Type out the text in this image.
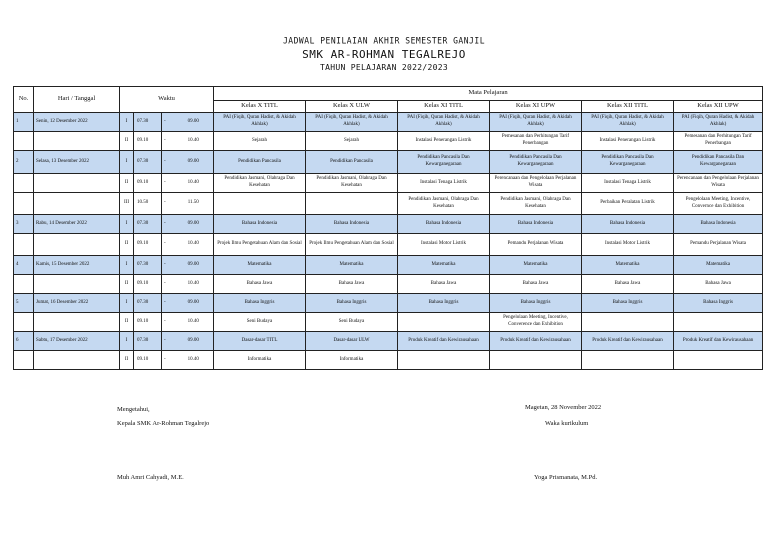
JADWAL PENILAIAN AKHIR SEMESTER GANJIL
SMK AR-ROHMAN TEGALREJO
TAHUN PELAJARAN 2022/2023
No.	Hari / Tanggal	Waktu				Mata Pelajaran					
						Kelas X TITL	Kelas X ULW	Kelas XI TITL	Kelas XI UPW	Kelas XII TITL	Kelas XII UPW
1	Senin, 12 Desember 2022	I	07.30	-	09.00	PAI (Fiqih, Quran Hadist, & Akidah Akhlak)	PAI (Fiqih, Quran Hadist, & Akidah Akhlak)	PAI (Fiqih, Quran Hadist, & Akidah Akhlak)	PAI (Fiqih, Quran Hadist, & Akidah Akhlak)	PAI (Fiqih, Quran Hadist, & Akidah Akhlak)	PAI (Fiqih, Quran Hadist, & Akidah Akhlak)
		II	09.10	-	10.40	Sejarah	Sejarah	Instalasi Penerangan Listrik	Pemesanan dan Perhitungan Tarif Penerbangan	Instalasi Penerangan Listrik	Pemesanan dan Perhitungan Tarif Penerbangan
2	Selasa, 13 Desember 2022	I	07.30	-	09.00	Pendidikan Pancasila	Pendidikan Pancasila	Pendidikan Pancasila Dan Kewarganegaraan	Pendidikan Pancasila Dan Kewarganegaraan	Pendidikan Pancasila Dan Kewarganegaraan	Pendidikan Pancasila Dan Kewarganegaraan
		II	09.10	-	10.40	Pendidikan Jasmani, Olahraga Dan Kesehatan	Pendidikan Jasmani, Olahraga Dan Kesehatan	Instalasi Tenaga Listrik	Perencanaan dan Pengelolaan Perjalanan Wisata	Instalasi Tenaga Listrik	Perencanaan dan Pengelolaan Perjalanan Wisata
		III	10.50	-	11.50			Pendidikan Jasmani, Olahraga Dan Kesehatan	Pendidikan Jasmani, Olahraga Dan Kesehatan	Perbaikan Peralatan Listrik	Pengelolaan Meeting, Incentive, Convernce dan Exhibition
3	Rabu, 14 Desember 2022	I	07.30	-	09.00	Bahasa Indonesia	Bahasa Indonesia	Bahasa Indonesia	Bahasa Indonesia	Bahasa Indonesia	Bahasa Indonesia
		II	09.10	-	10.40	Projek Ilmu Pengetahuan Alam dan Sosial	Projek Ilmu Pengetahuan Alam dan Sosial	Instalasi Motor Listrik	Pemandu Perjalanan Wisata	Instalasi Motor Listrik	Pemandu Perjalanan Wisata
4	Kamis, 15 Desember 2022	I	07.30	-	09.00	Matematika	Matematika	Matematika	Matematika	Matematika	Matematika
		II	09.10	-	10.40	Bahasa Jawa	Bahasa Jawa	Bahasa Jawa	Bahasa Jawa	Bahasa Jawa	Bahasa Jawa
5	Jumat, 16 Desember 2022	I	07.30	-	09.00	Bahasa Inggris	Bahasa Inggris	Bahasa Inggris	Bahasa Inggris	Bahasa Inggris	Bahasa Inggris
		II	09.10	-	10.40	Seni Budaya	Seni Budaya		Pengelolaan Meeting, Incentive, Converence dan Exhibition		
6	Sabtu, 17 Desember 2022	I	07.30	-	09.00	Dasar-dasar TITL	Dasar-dasar ULW	Produk Kreatif dan Kewirausahaan	Produk Kreatif dan Kewirausahaan	Produk Kreatif dan Kewirausahaan	Produk Kreatif dan Kewirausahaan
		II	09.10	-	10.40	Informatika	Informatika				
Mengetahui,
Kepala SMK Ar-Rohman Tegalrejo
Muh Amri Cahyadi, M.E.
Magetan, 28 November 2022
Waka kurikulum
Yoga Prismanata, M.Pd.
